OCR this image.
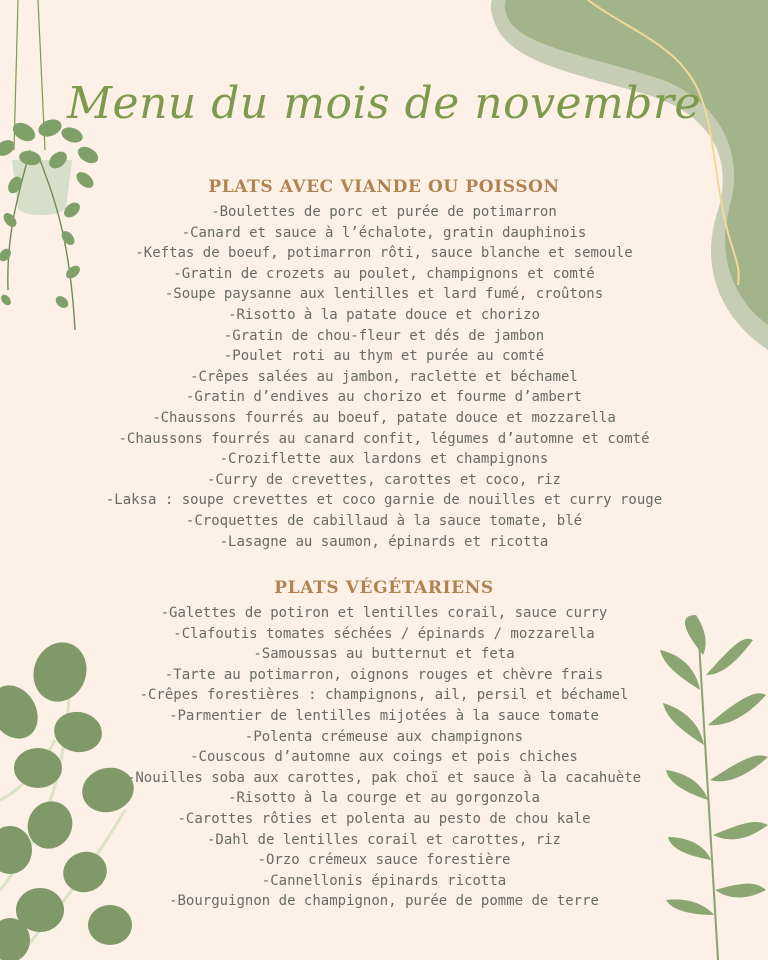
Menu du mois de novembre
PLATS AVEC VIANDE OU POISSON
-Boulettes de porc et purée de potimarron
-Canard et sauce à l’échalote, gratin dauphinois
-Keftas de boeuf, potimarron rôti, sauce blanche et semoule
-Gratin de crozets au poulet, champignons et comté
-Soupe paysanne aux lentilles et lard fumé, croûtons
-Risotto à la patate douce et chorizo
-Gratin de chou-fleur et dés de jambon
-Poulet roti au thym et purée au comté
-Crêpes salées au jambon, raclette et béchamel
-Gratin d’endives au chorizo et fourme d’ambert
-Chaussons fourrés au boeuf, patate douce et mozzarella
-Chaussons fourrés au canard confit, légumes d’automne et comté
-Croziflette aux lardons et champignons
-Curry de crevettes, carottes et coco, riz
-Laksa : soupe crevettes et coco garnie de nouilles et curry rouge
-Croquettes de cabillaud à la sauce tomate, blé
-Lasagne au saumon, épinards et ricotta
PLATS VÉGÉTARIENS
-Galettes de potiron et lentilles corail, sauce curry
-Clafoutis tomates séchées / épinards / mozzarella
-Samoussas au butternut et feta
-Tarte au potimarron, oignons rouges et chèvre frais
-Crêpes forestières : champignons, ail, persil et béchamel
-Parmentier de lentilles mijotées à la sauce tomate
-Polenta crémeuse aux champignons
-Couscous d’automne aux coings et pois chiches
-Nouilles soba aux carottes, pak choï et sauce à la cacahuète
-Risotto à la courge et au gorgonzola
-Carottes rôties et polenta au pesto de chou kale
-Dahl de lentilles corail et carottes, riz
-Orzo crémeux sauce forestière
-Cannellonis épinards ricotta
-Bourguignon de champignon, purée de pomme de terre
